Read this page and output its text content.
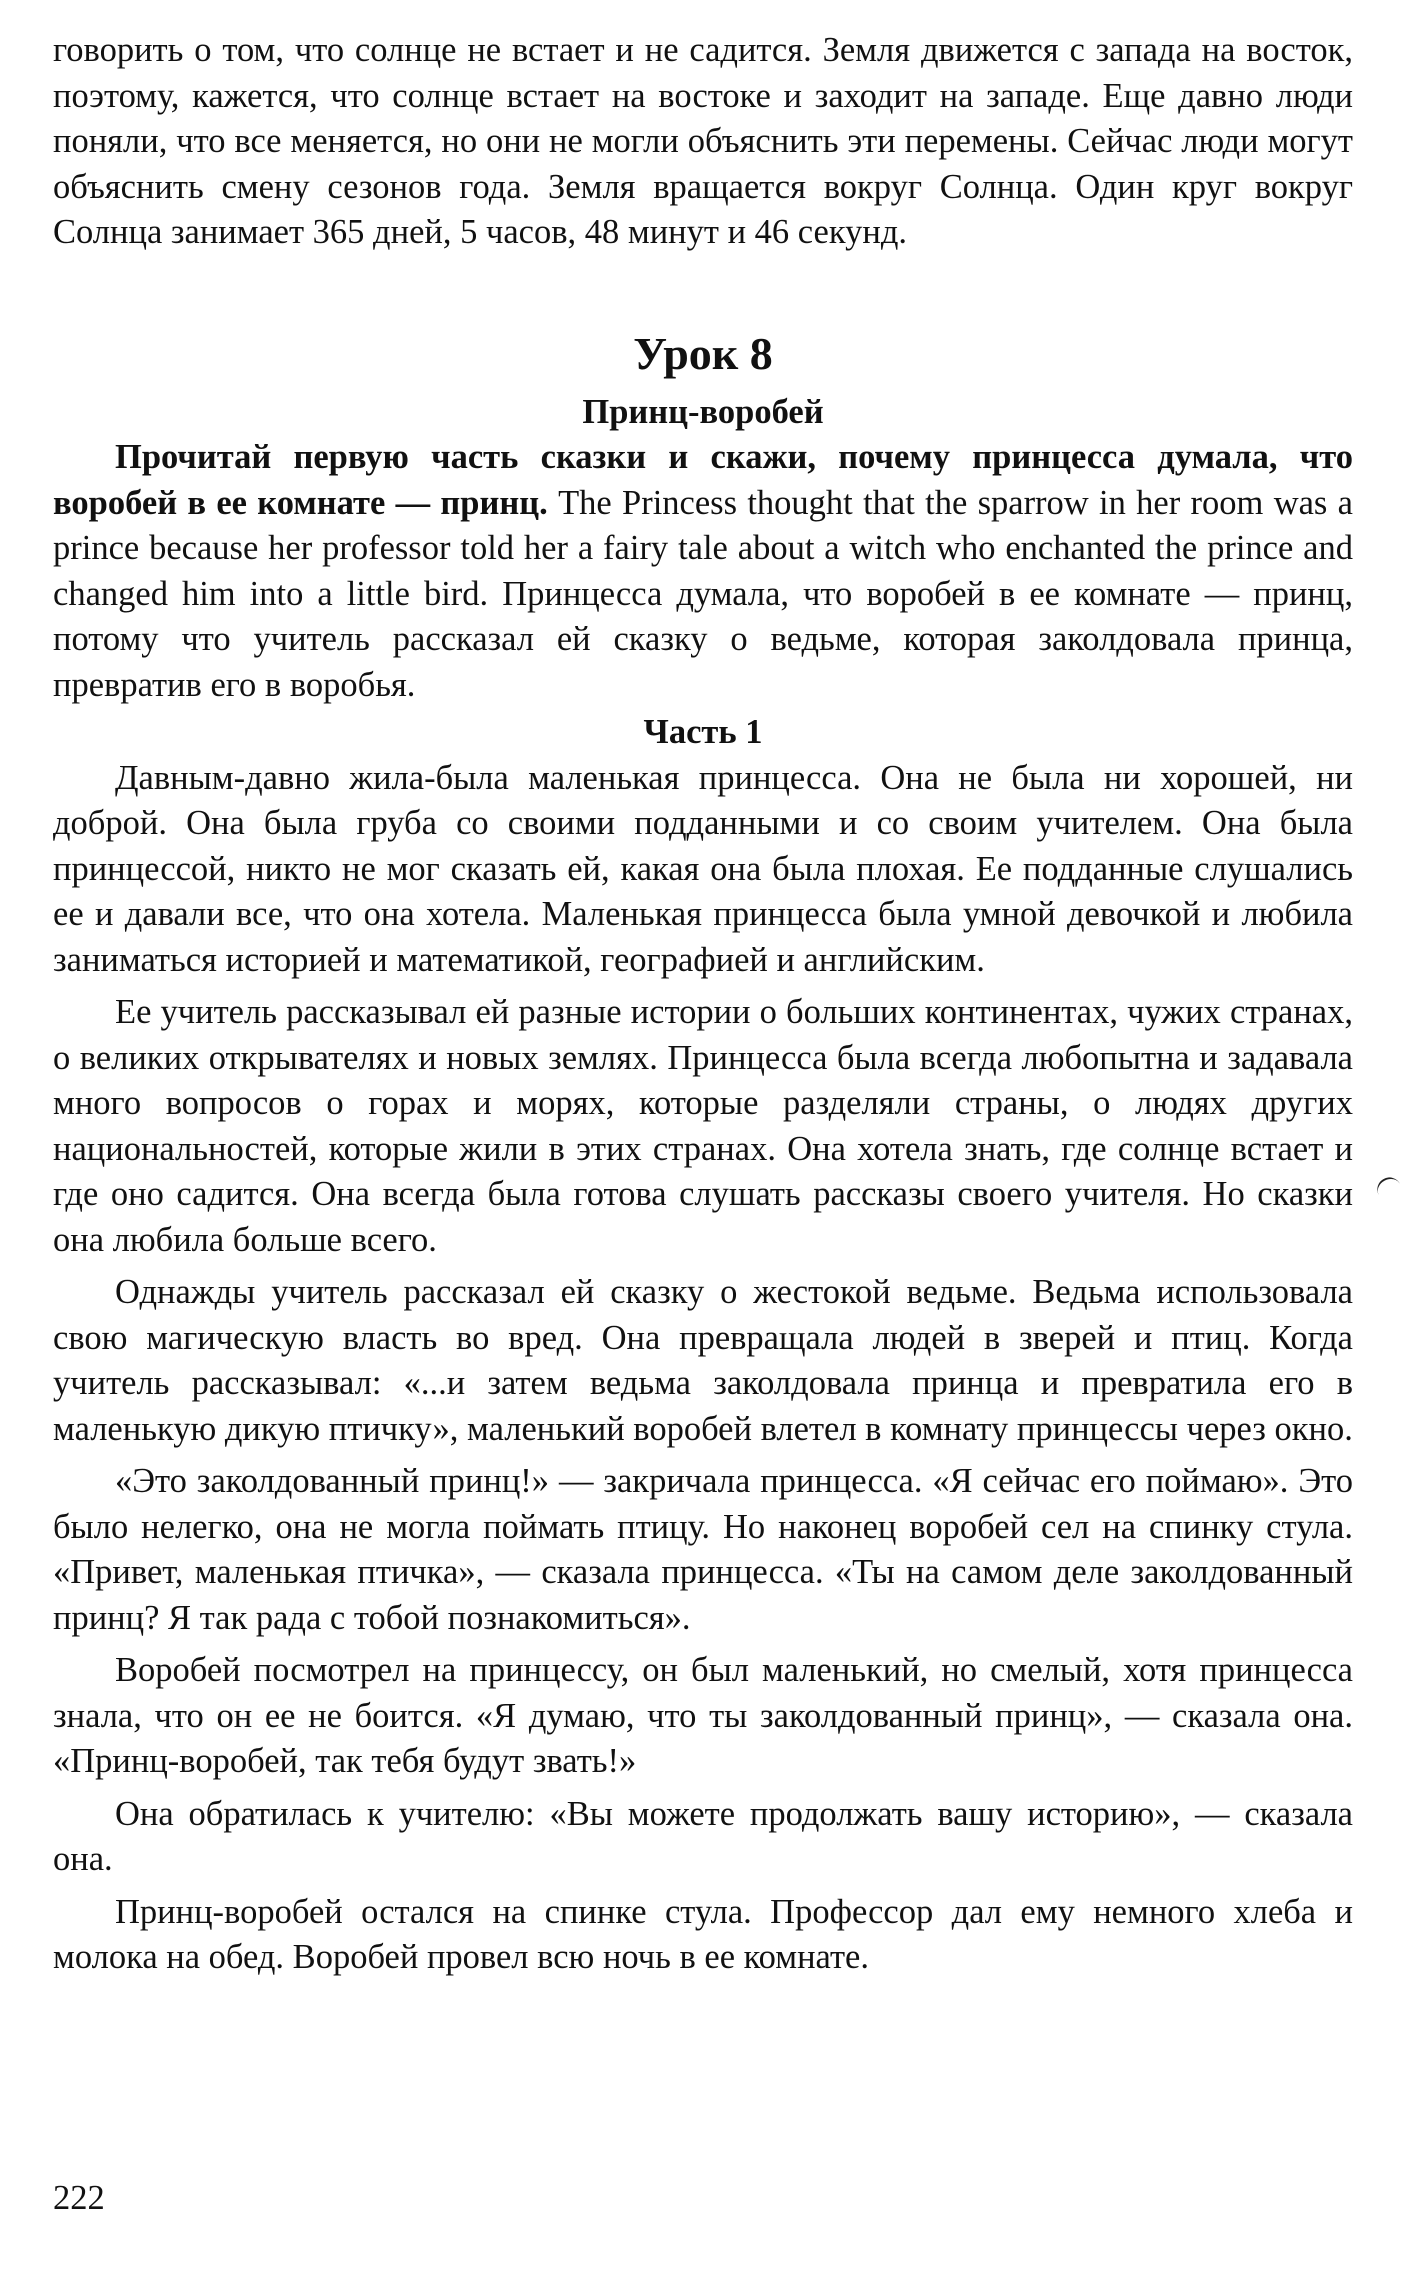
говорить о том, что солнце не встает и не садится. Земля движется с запада на восток, поэтому, кажется, что солнце встает на востоке и заходит на западе. Еще давно люди поняли, что все меняется, но они не могли объяснить эти перемены. Сейчас люди могут объяснить смену сезонов года. Земля вращается вокруг Солнца. Один круг вокруг Солнца занимает 365 дней, 5 часов, 48 минут и 46 секунд.

Урок 8
Принц-воробей

Прочитай первую часть сказки и скажи, почему принцесса думала, что воробей в ее комнате — принц. The Princess thought that the sparrow in her room was a prince because her professor told her a fairy tale about a witch who enchanted the prince and changed him into a little bird. Принцесса думала, что воробей в ее комнате — принц, потому что учитель рассказал ей сказку о ведьме, которая заколдовала принца, превратив его в воробья.

Часть 1

Давным-давно жила-была маленькая принцесса. Она не была ни хорошей, ни доброй. Она была груба со своими подданными и со своим учителем. Она была принцессой, никто не мог сказать ей, какая она была плохая. Ее подданные слушались ее и давали все, что она хотела. Маленькая принцесса была умной девочкой и любила заниматься историей и математикой, географией и английским.

Ее учитель рассказывал ей разные истории о больших континентах, чужих странах, о великих открывателях и новых землях. Принцесса была всегда любопытна и задавала много вопросов о горах и морях, которые разделяли страны, о людях других национальностей, которые жили в этих странах. Она хотела знать, где солнце встает и где оно садится. Она всегда была готова слушать рассказы своего учителя. Но сказки она любила больше всего.

Однажды учитель рассказал ей сказку о жестокой ведьме. Ведьма использовала свою магическую власть во вред. Она превращала людей в зверей и птиц. Когда учитель рассказывал: «...и затем ведьма заколдовала принца и превратила его в маленькую дикую птичку», маленький воробей влетел в комнату принцессы через окно.

«Это заколдованный принц!» — закричала принцесса. «Я сейчас его поймаю». Это было нелегко, она не могла поймать птицу. Но наконец воробей сел на спинку стула. «Привет, маленькая птичка», — сказала принцесса. «Ты на самом деле заколдованный принц? Я так рада с тобой познакомиться».

Воробей посмотрел на принцессу, он был маленький, но смелый, хотя принцесса знала, что он ее не боится. «Я думаю, что ты заколдованный принц», — сказала она. «Принц-воробей, так тебя будут звать!»

Она обратилась к учителю: «Вы можете продолжать вашу историю», — сказала она.

Принц-воробей остался на спинке стула. Профессор дал ему немного хлеба и молока на обед. Воробей провел всю ночь в ее комнате.

222
